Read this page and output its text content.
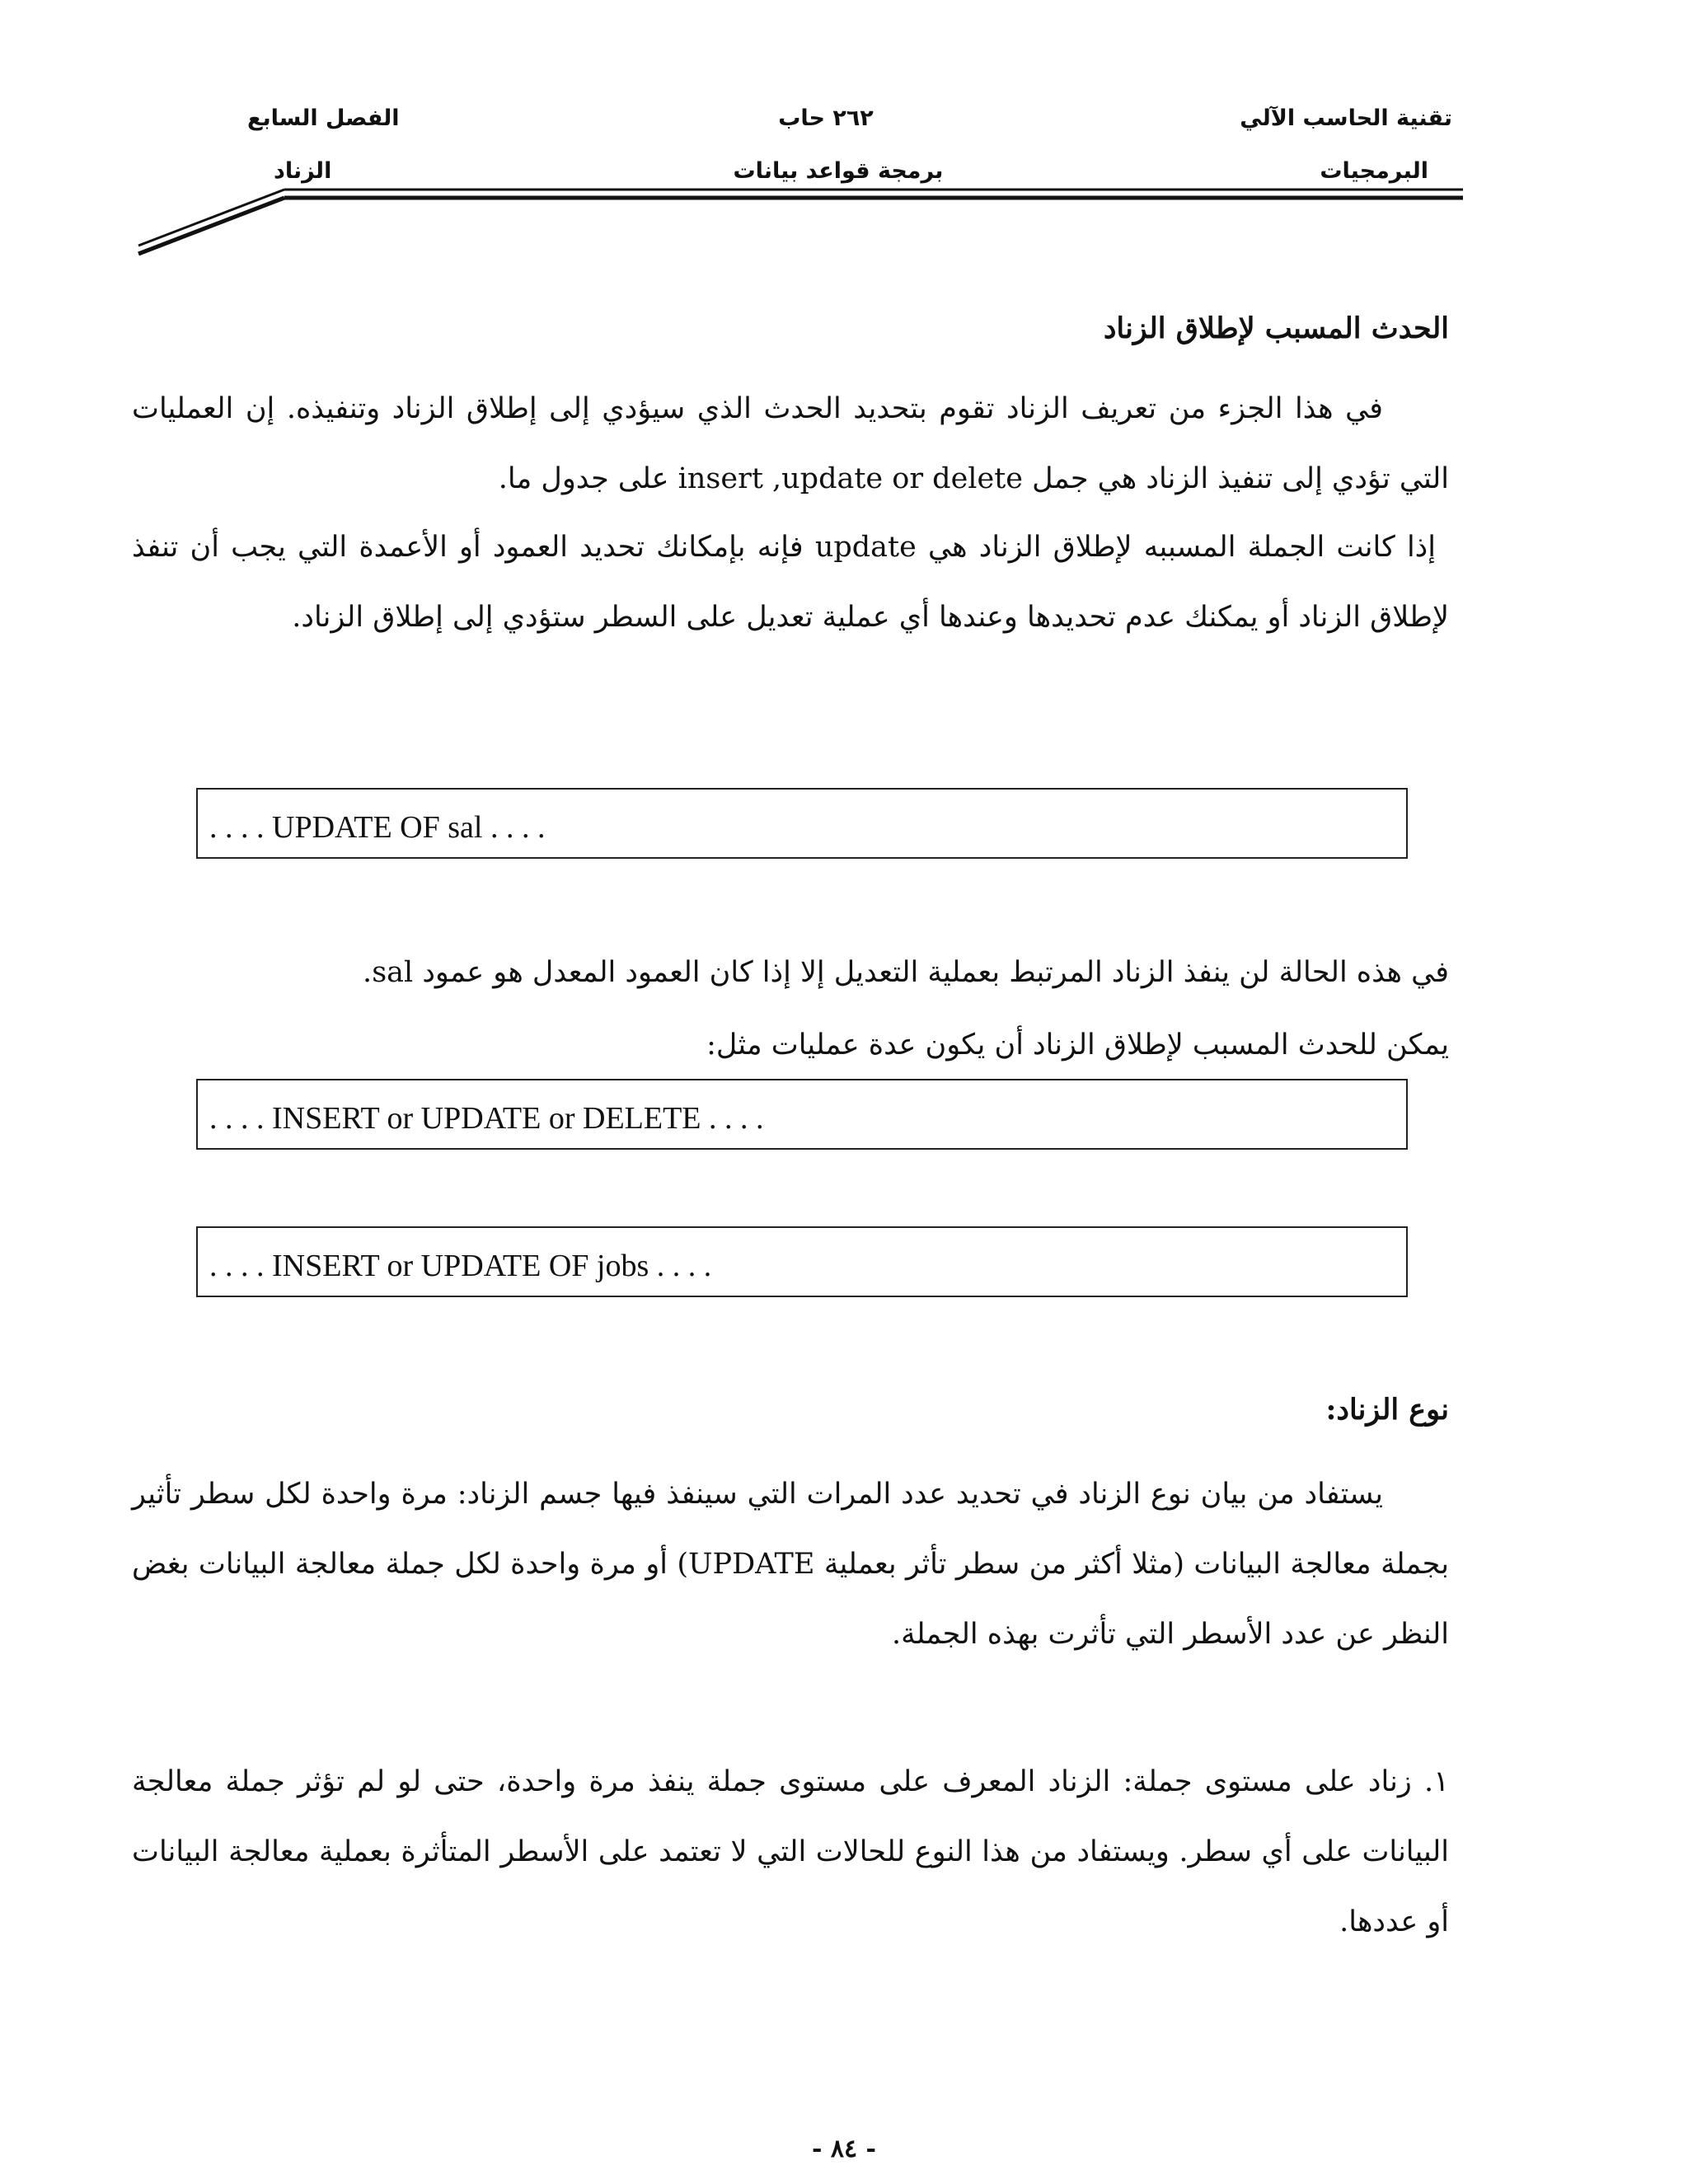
تقنية الحاسب الآلي
البرمجيات
٢٦٢ حاب
برمجة قواعد بيانات
الفصل السابع
الزناد
الحدث المسبب لإطلاق الزناد
في هذا الجزء من تعريف الزناد تقوم بتحديد الحدث الذي سيؤدي إلى إطلاق الزناد وتنفيذه. إن العمليات التي تؤدي إلى تنفيذ الزناد هي جمل insert ,update or delete على جدول ما.
إذا كانت الجملة المسببه لإطلاق الزناد هي update فإنه بإمكانك تحديد العمود أو الأعمدة التي يجب أن تنفذ لإطلاق الزناد أو يمكنك عدم تحديدها وعندها أي عملية تعديل على السطر ستؤدي إلى إطلاق الزناد.
. . . . UPDATE OF sal . . . .
في هذه الحالة لن ينفذ الزناد المرتبط بعملية التعديل إلا إذا كان العمود المعدل هو عمود sal.
يمكن للحدث المسبب لإطلاق الزناد أن يكون عدة عمليات مثل:
. . . . INSERT or UPDATE or DELETE . . . .
. . . . INSERT or UPDATE OF jobs . . . .
نوع الزناد:
يستفاد من بيان نوع الزناد في تحديد عدد المرات التي سينفذ فيها جسم الزناد: مرة واحدة لكل سطر تأثير بجملة معالجة البيانات (مثلا أكثر من سطر تأثر بعملية UPDATE) أو مرة واحدة لكل جملة معالجة البيانات بغض النظر عن عدد الأسطر التي تأثرت بهذه الجملة.
١. زناد على مستوى جملة: الزناد المعرف على مستوى جملة ينفذ مرة واحدة، حتى لو لم تؤثر جملة معالجة البيانات على أي سطر. ويستفاد من هذا النوع للحالات التي لا تعتمد على الأسطر المتأثرة بعملية معالجة البيانات أو عددها.
- ٨٤ -
